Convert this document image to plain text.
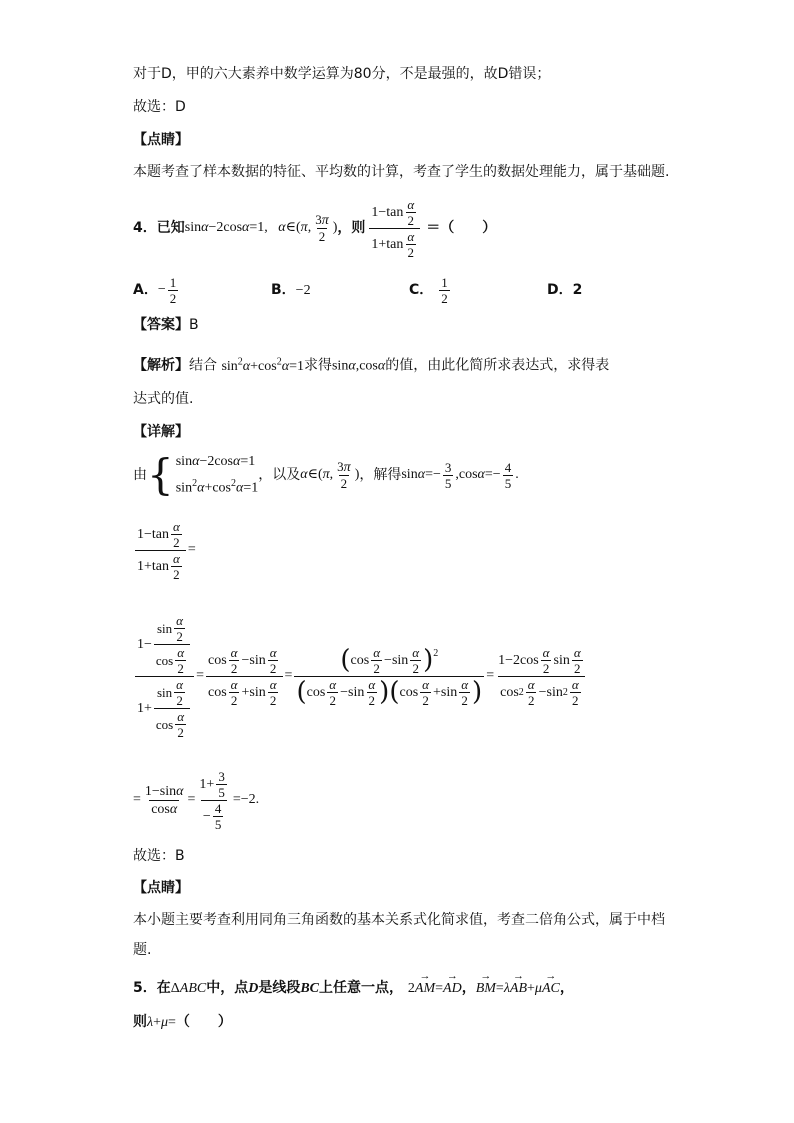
对于D，甲的六大素养中数学运算为80分，不是最强的，故D错误；
故选：D
【点睛】
本题考查了样本数据的特征、平均数的计算，考查了学生的数据处理能力，属于基础题.
4．已知 sinα−2cosα=1,   α∈(π, $\frac{3\pi}{2}$ ) ，则 $\frac{1-\tan \frac{\alpha}{2}}{1+\tan \frac{\alpha}{2}}$ ＝（　　）
A． − $\frac{1}{2}$	B．−2	C． $\frac{1}{2}$	D．2
【答案】B
【解析】结合 $\sin^2\alpha+\cos^2\alpha=1$求得sinα,cosα的值，由此化简所求表达式，求得表
达式的值.
【详解】
由 { sinα−2cosα=1
$\sin^2\alpha+\cos^2\alpha=1$
，以及 α∈(π, $\frac{3\pi}{2}$ ) ，解得 $\sin\alpha=- \frac{3}{5} ,\cos\alpha=- \frac{4}{5}$ .
$\frac{1-\tan \frac{\alpha}{2}}{1+\tan \frac{\alpha}{2}}$ =
$\frac{1- \frac{\sin \frac{\alpha}{2}}{\cos \frac{\alpha}{2}}}{1+ \frac{\sin \frac{\alpha}{2}}{\cos \frac{\alpha}{2}}} = \frac{\cos \frac{\alpha}{2} -\sin \frac{\alpha}{2}}{\cos \frac{\alpha}{2} +\sin \frac{\alpha}{2}} = \frac{( \cos \frac{\alpha}{2} -\sin \frac{\alpha}{2} )^2}{( \cos \frac{\alpha}{2} -\sin \frac{\alpha}{2} ) ( \cos \frac{\alpha}{2} +\sin \frac{\alpha}{2} )} = \frac{1-2\cos \frac{\alpha}{2} \sin \frac{\alpha}{2}}{\cos 2 \frac{\alpha}{2} -\sin 2 \frac{\alpha}{2}}$
= $\frac{1-\sin\alpha}{\cos\alpha} = \frac{1+ \frac{3}{5}}{- \frac{4}{5}} =-2$.
故选：B
【点睛】
本小题主要考查利用同角三角函数的基本关系式化简求值，考查二倍角公式，属于中档
题.
5．在ΔABC中，点D是线段BC上任意一点， 2→ AM=→ AD，→ BM=λ→ AB+μ→ AC，
则λ+μ=（　　）
